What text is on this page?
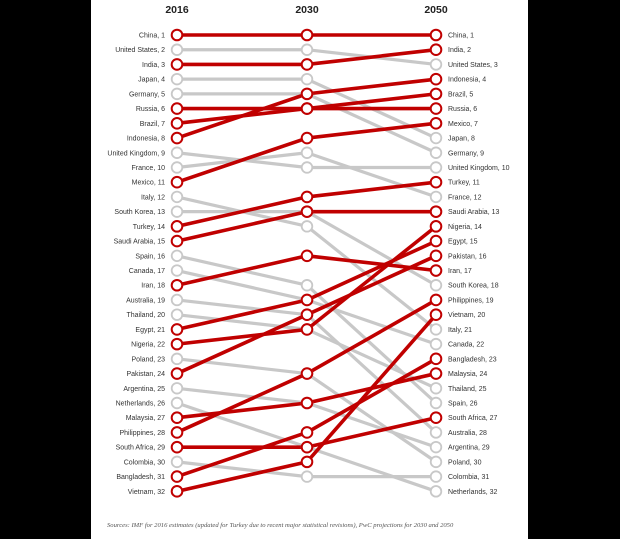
2016	2030	2050
China, 1
United States, 2
India, 3
Japan, 4
Germany, 5
Russia, 6
Brazil, 7
Indonesia, 8
United Kingdom, 9
France, 10
Mexico, 11
Italy, 12
South Korea, 13
Turkey, 14
Saudi Arabia, 15
Spain, 16
Canada, 17
Iran, 18
Australia, 19
Thailand, 20
Egypt, 21
Nigeria, 22
Poland, 23
Pakistan, 24
Argentina, 25
Netherlands, 26
Malaysia, 27
Philippines, 28
South Africa, 29
Colombia, 30
Bangladesh, 31
Vietnam, 32
China, 1
India, 2
United States, 3
Indonesia, 4
Brazil, 5
Russia, 6
Mexico, 7
Japan, 8
Germany, 9
United Kingdom, 10
Turkey, 11
France, 12
Saudi Arabia, 13
Nigeria, 14
Egypt, 15
Pakistan, 16
Iran, 17
South Korea, 18
Philippines, 19
Vietnam, 20
Italy, 21
Canada, 22
Bangladesh, 23
Malaysia, 24
Thailand, 25
Spain, 26
South Africa, 27
Australia, 28
Argentina, 29
Poland, 30
Colombia, 31
Netherlands, 32
Sources: IMF for 2016 estimates (updated for Turkey due to recent major statistical revisions), PwC projections for 2030 and 2050
